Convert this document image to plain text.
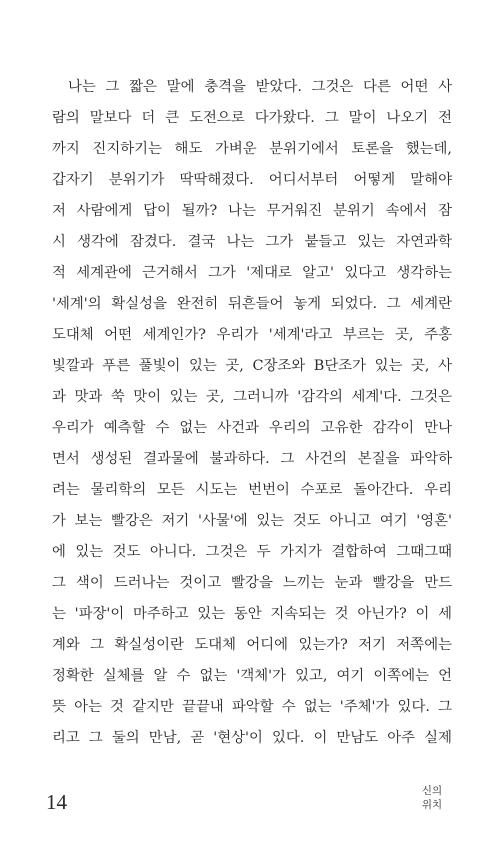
나는 그 짧은 말에 충격을 받았다. 그것은 다른 어떤 사
람의 말보다 더 큰 도전으로 다가왔다. 그 말이 나오기 전
까지 진지하기는 해도 가벼운 분위기에서 토론을 했는데,
갑자기 분위기가 딱딱해졌다. 어디서부터 어떻게 말해야
저 사람에게 답이 될까? 나는 무거워진 분위기 속에서 잠
시 생각에 잠겼다. 결국 나는 그가 붙들고 있는 자연과학
적 세계관에 근거해서 그가 '제대로 알고' 있다고 생각하는
'세계'의 확실성을 완전히 뒤흔들어 놓게 되었다. 그 세계란
도대체 어떤 세계인가? 우리가 '세계'라고 부르는 곳, 주홍
빛깔과 푸른 풀빛이 있는 곳, C장조와 B단조가 있는 곳, 사
과 맛과 쑥 맛이 있는 곳, 그러니까 '감각의 세계'다. 그것은
우리가 예측할 수 없는 사건과 우리의 고유한 감각이 만나
면서 생성된 결과물에 불과하다. 그 사건의 본질을 파악하
려는 물리학의 모든 시도는 번번이 수포로 돌아간다. 우리
가 보는 빨강은 저기 '사물'에 있는 것도 아니고 여기 '영혼'
에 있는 것도 아니다. 그것은 두 가지가 결합하여 그때그때
그 색이 드러나는 것이고 빨강을 느끼는 눈과 빨강을 만드
는 '파장'이 마주하고 있는 동안 지속되는 것 아닌가? 이 세
계와 그 확실성이란 도대체 어디에 있는가? 저기 저쪽에는
정확한 실체를 알 수 없는 '객체'가 있고, 여기 이쪽에는 언
뜻 아는 것 같지만 끝끝내 파악할 수 없는 '주체'가 있다. 그
리고 그 둘의 만남, 곧 '현상'이 있다. 이 만남도 아주 실제
14	신의
위치
